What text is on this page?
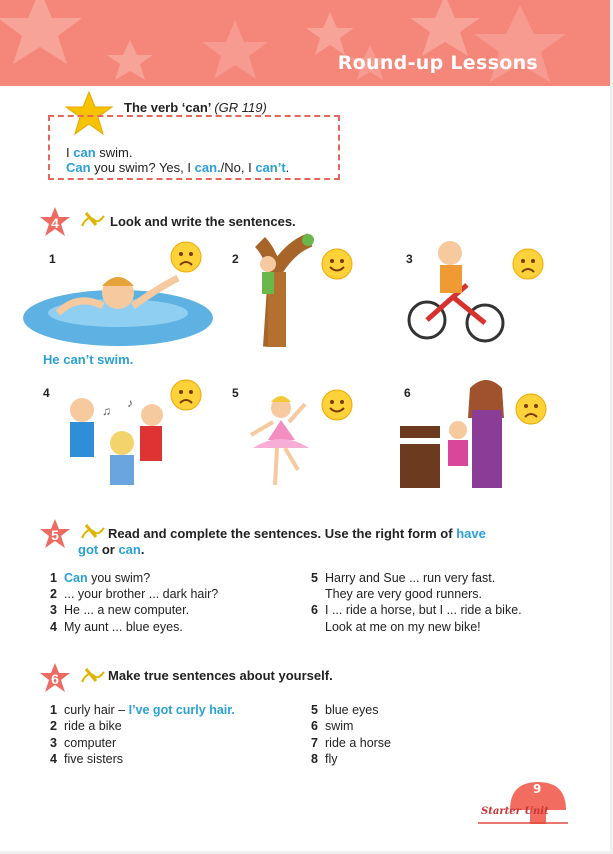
Round-up Lessons
The verb ‘can’ (GR 119)
I can swim.
Can you swim? Yes, I can./No, I can’t.
4	Look and write the sentences.
1	2	3
He can’t swim.
4
♫
♪
5	6
5	Read and complete the sentences. Use the right form of have
got or can.
1 Can you swim?
2 ... your brother ... dark hair?
3 He ... a new computer.
4 My aunt ... blue eyes.
5 Harry and Sue ... run very fast.
They are very good runners.
6 I ... ride a horse, but I ... ride a bike.
Look at me on my new bike!
6	Make true sentences about yourself.
1 curly hair – I’ve got curly hair.
2 ride a bike
3 computer
4 five sisters
5 blue eyes
6 swim
7 ride a horse
8 fly
9
Starter Unit
